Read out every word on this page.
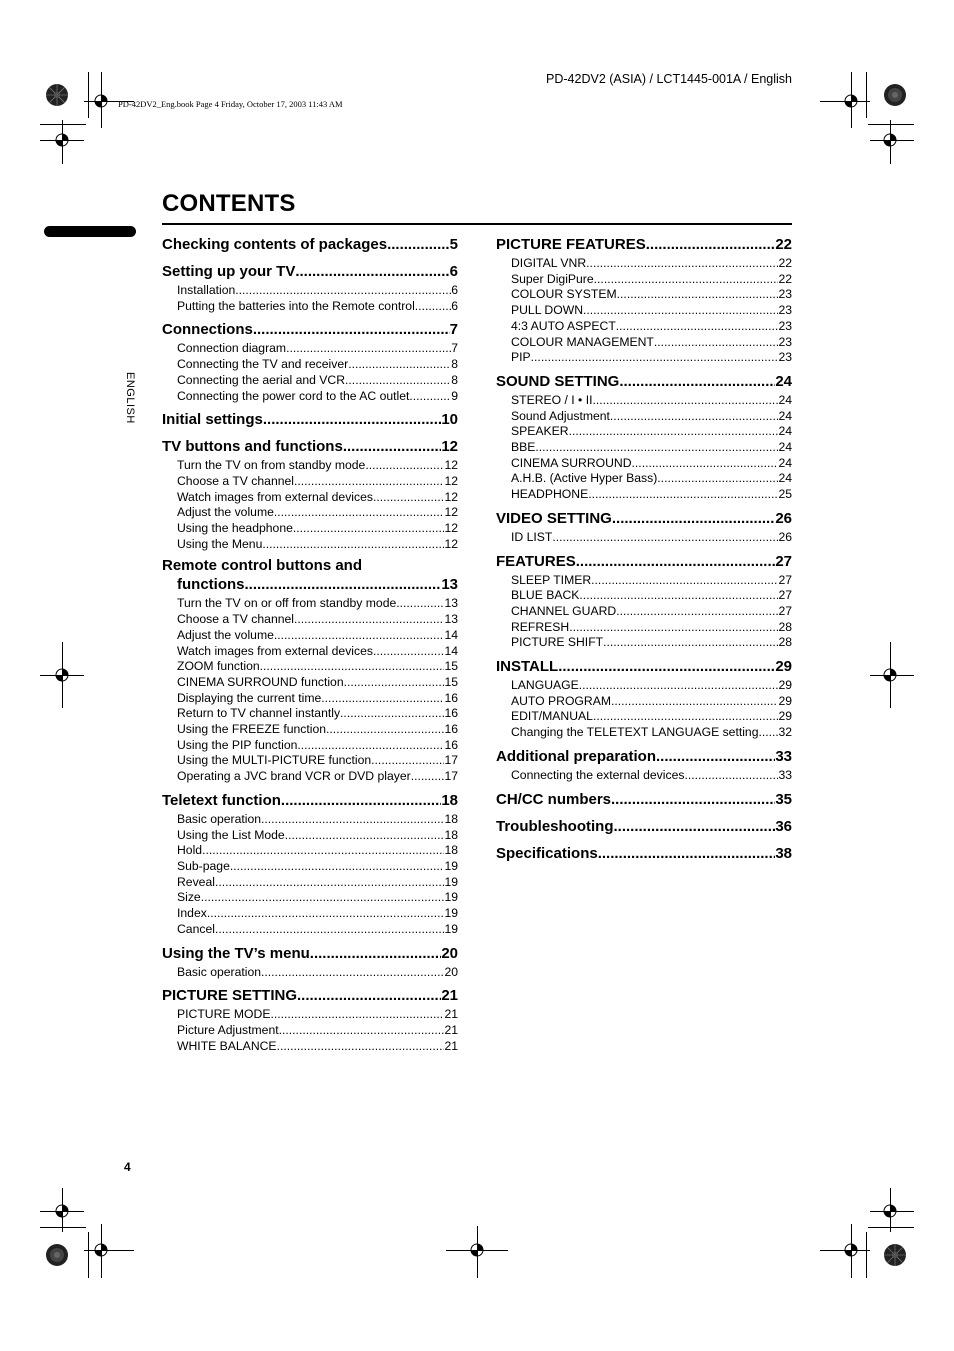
PD-42DV2 (ASIA) / LCT1445-001A / English
PD-42DV2_Eng.book Page 4 Friday, October 17, 2003 11:43 AM
CONTENTS
ENGLISH
Checking contents of packages .....	5
Setting up your TV .....	6
Installation .....	6
Putting the batteries into the Remote control .....	6
Connections .....	7
Connection diagram .....	7
Connecting the TV and receiver .....	8
Connecting the aerial and VCR .....	8
Connecting the power cord to the AC outlet .....	9
Initial settings .....	10
TV buttons and functions .....	12
Turn the TV on from standby mode .....	12
Choose a TV channel .....	12
Watch images from external devices .....	12
Adjust the volume .....	12
Using the headphone .....	12
Using the Menu .....	12
Remote control buttons and
functions .....	13
Turn the TV on or off from standby mode .....	13
Choose a TV channel .....	13
Adjust the volume .....	14
Watch images from external devices .....	14
ZOOM function .....	15
CINEMA SURROUND function .....	15
Displaying the current time .....	16
Return to TV channel instantly .....	16
Using the FREEZE function .....	16
Using the PIP function .....	16
Using the MULTI-PICTURE function .....	17
Operating a JVC brand VCR or DVD player .....	17
Teletext function .....	18
Basic operation .....	18
Using the List Mode .....	18
Hold .....	18
Sub-page .....	19
Reveal .....	19
Size .....	19
Index .....	19
Cancel .....	19
Using the TV’s menu .....	20
Basic operation .....	20
PICTURE SETTING .....	21
PICTURE MODE .....	21
Picture Adjustment .....	21
WHITE BALANCE .....	21
PICTURE FEATURES .....	22
DIGITAL VNR .....	22
Super DigiPure .....	22
COLOUR SYSTEM .....	23
PULL DOWN .....	23
4:3 AUTO ASPECT .....	23
COLOUR MANAGEMENT .....	23
PIP .....	23
SOUND SETTING .....	24
STEREO / I • II .....	24
Sound Adjustment .....	24
SPEAKER .....	24
BBE .....	24
CINEMA SURROUND .....	24
A.H.B. (Active Hyper Bass) .....	24
HEADPHONE .....	25
VIDEO SETTING .....	26
ID LIST .....	26
FEATURES .....	27
SLEEP TIMER .....	27
BLUE BACK .....	27
CHANNEL GUARD .....	27
REFRESH .....	28
PICTURE SHIFT .....	28
INSTALL .....	29
LANGUAGE .....	29
AUTO PROGRAM .....	29
EDIT/MANUAL .....	29
Changing the TELETEXT LANGUAGE setting ..... 32
Additional preparation .....	33
Connecting the external devices .....	33
CH/CC numbers .....	35
Troubleshooting .....	36
Specifications .....	38
4
